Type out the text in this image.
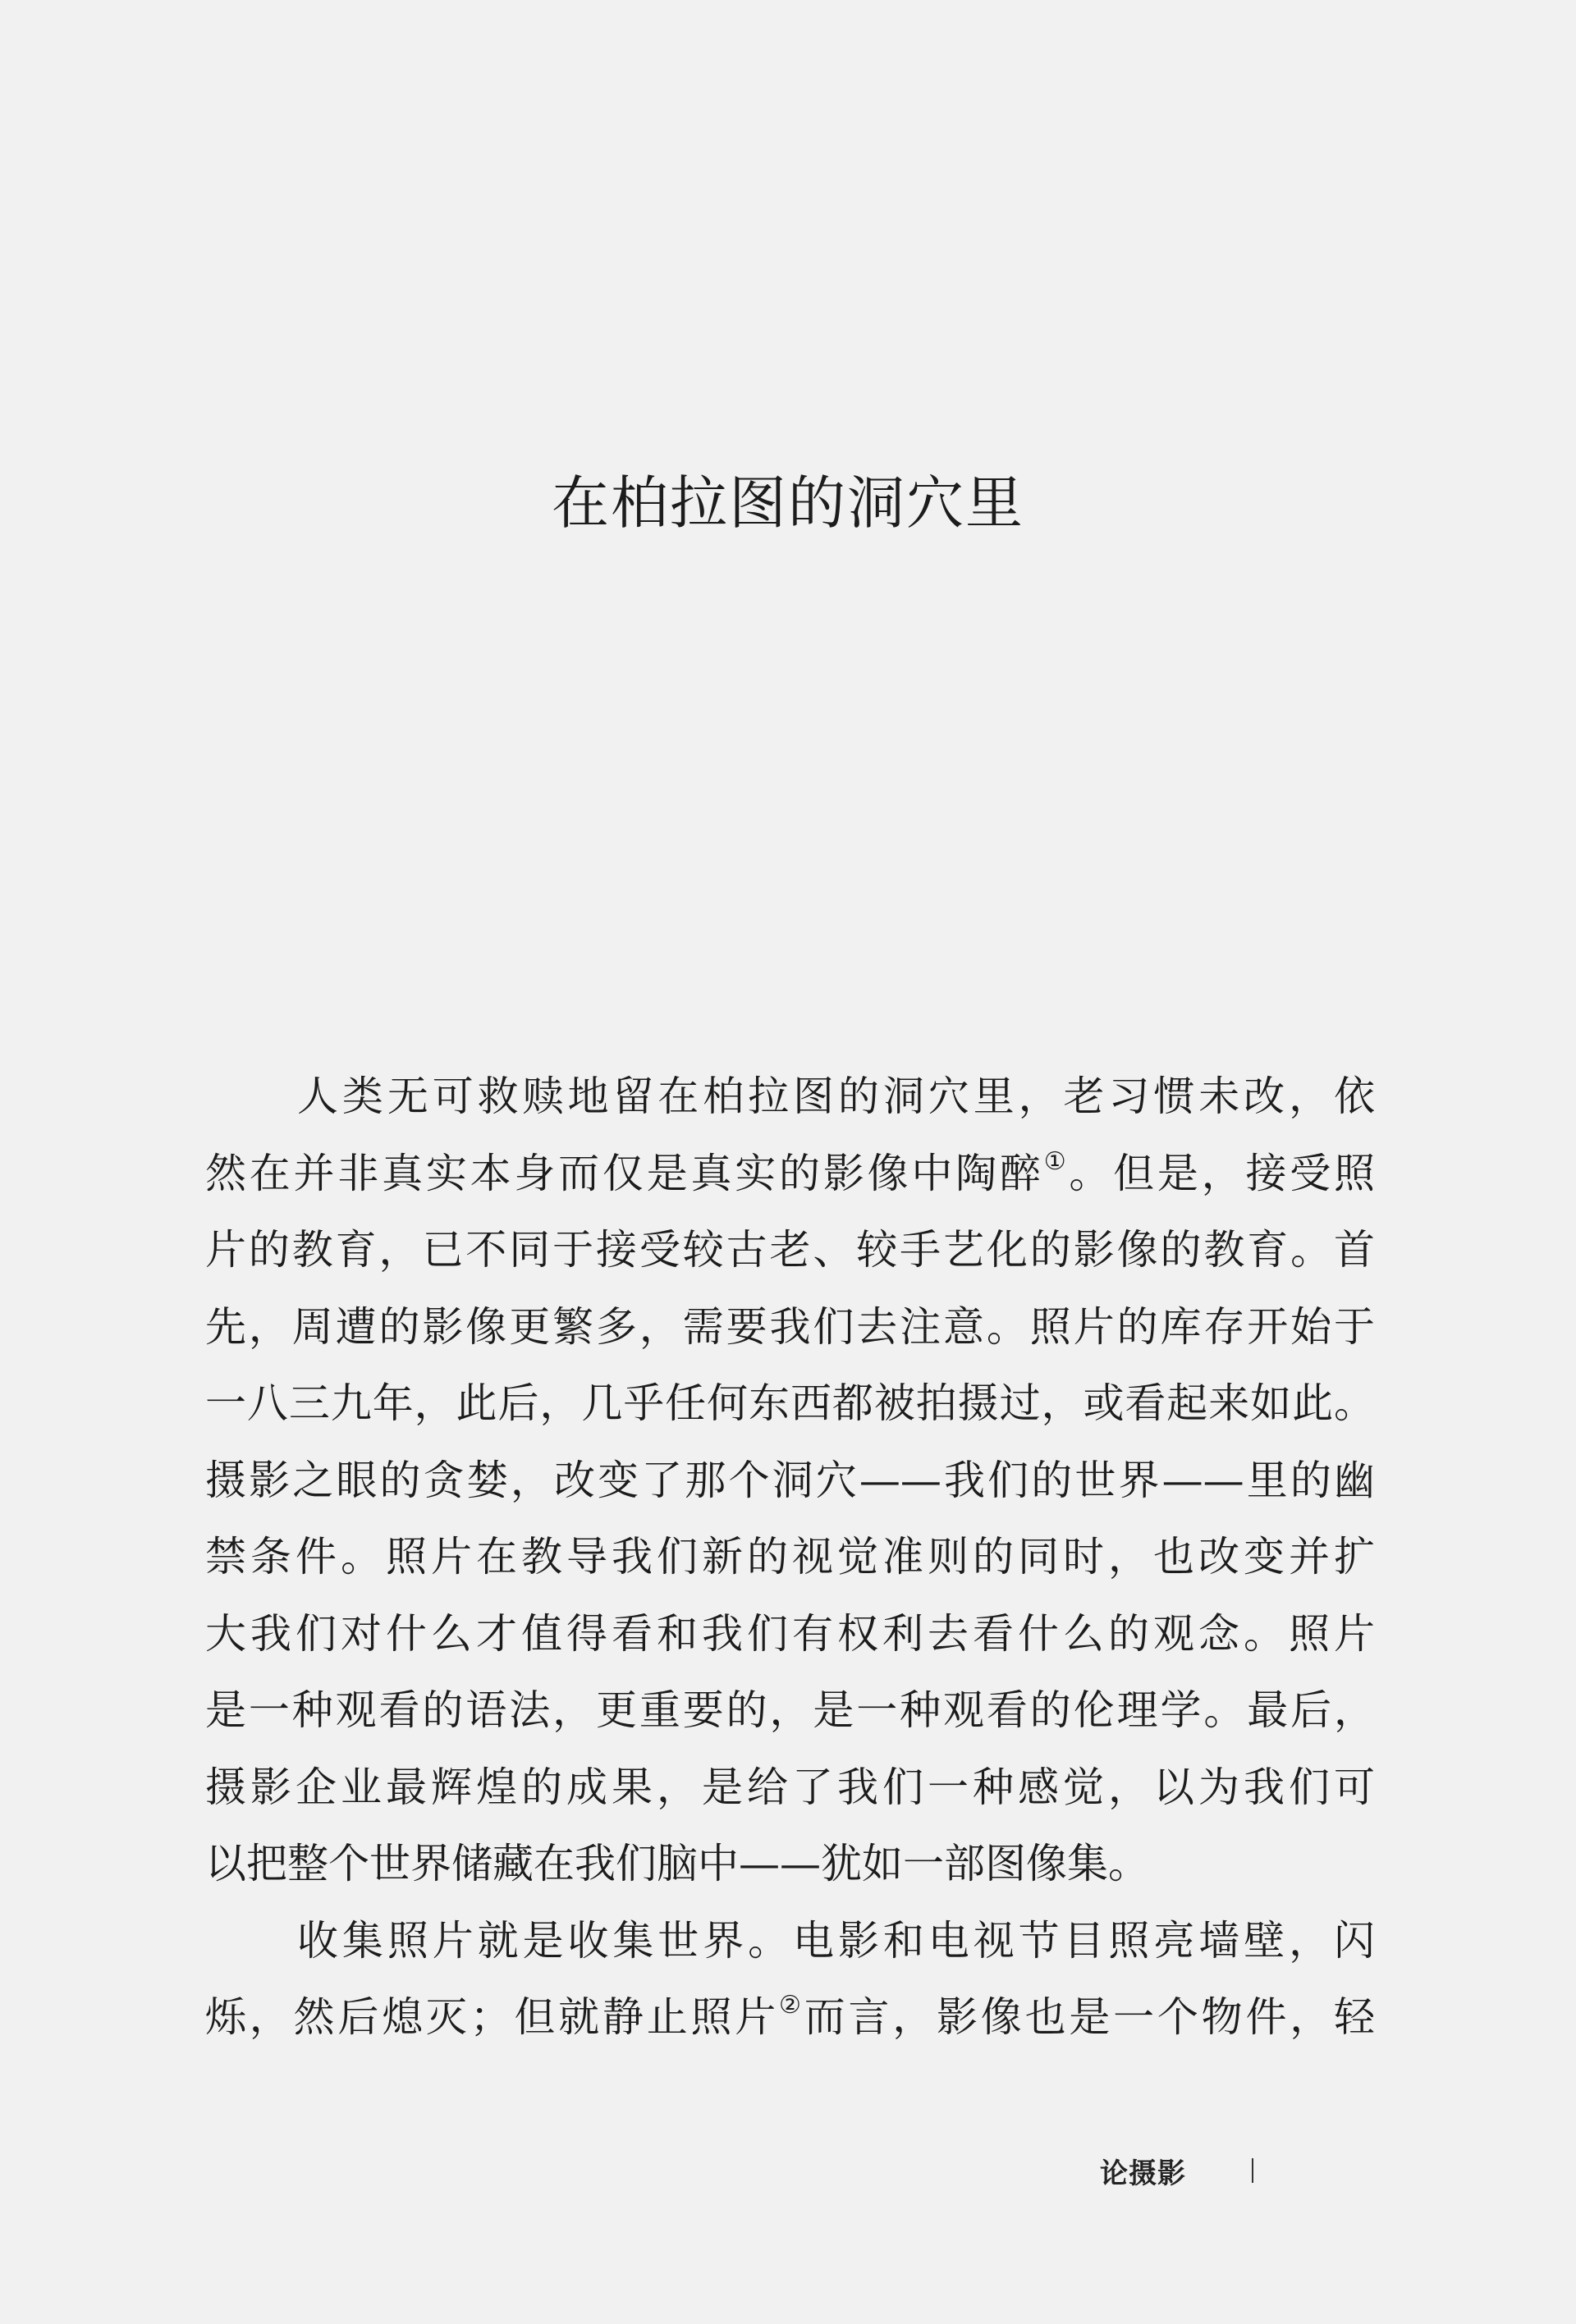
在柏拉图的洞穴里

人类无可救赎地留在柏拉图的洞穴里，老习惯未改，依

然在并非真实本身而仅是真实的影像中陶醉①。但是，接受照

片的教育，已不同于接受较古老、较手艺化的影像的教育。首

先，周遭的影像更繁多，需要我们去注意。照片的库存开始于

一八三九年，此后，几乎任何东西都被拍摄过，或看起来如此。

摄影之眼的贪婪，改变了那个洞穴——我们的世界——里的幽

禁条件。照片在教导我们新的视觉准则的同时，也改变并扩

大我们对什么才值得看和我们有权利去看什么的观念。照片

是一种观看的语法，更重要的，是一种观看的伦理学。最后，

摄影企业最辉煌的成果，是给了我们一种感觉，以为我们可

以把整个世界储藏在我们脑中——犹如一部图像集。

收集照片就是收集世界。电影和电视节目照亮墙壁，闪

烁，然后熄灭；但就静止照片②而言，影像也是一个物件，轻

论摄影
